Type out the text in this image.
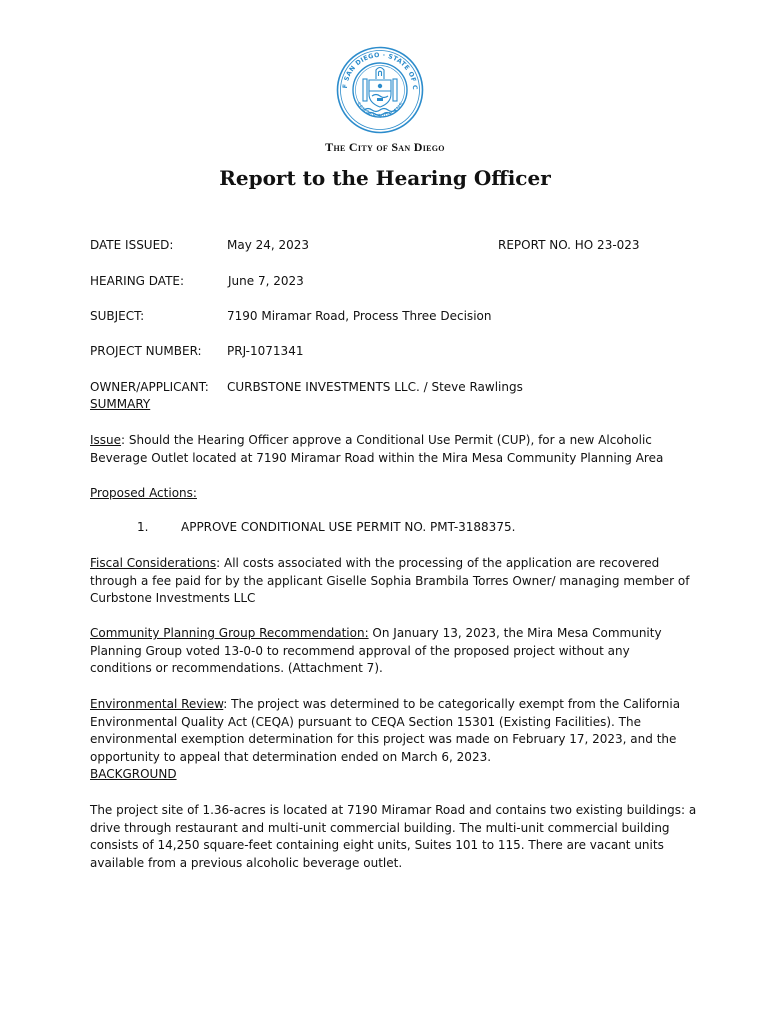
F SAN DIEGO · STATE OF C
SEMPER VIGILANS
The City of San Diego
Report to the Hearing Officer
DATE ISSUED:	May 24, 2023	REPORT NO. HO 23-023
HEARING DATE:	June 7, 2023
SUBJECT:	7190 Miramar Road, Process Three Decision
PROJECT NUMBER: PRJ-1071341
OWNER/APPLICANT: CURBSTONE INVESTMENTS LLC. / Steve Rawlings
SUMMARY
Issue: Should the Hearing Officer approve a Conditional Use Permit (CUP), for a new Alcoholic
Beverage Outlet located at 7190 Miramar Road within the Mira Mesa Community Planning Area
Proposed Actions:
1.	APPROVE CONDITIONAL USE PERMIT NO. PMT-3188375.
Fiscal Considerations: All costs associated with the processing of the application are recovered
through a fee paid for by the applicant Giselle Sophia Brambila Torres Owner/ managing member of
Curbstone Investments LLC
Community Planning Group Recommendation: On January 13, 2023, the Mira Mesa Community
Planning Group voted 13-0-0 to recommend approval of the proposed project without any
conditions or recommendations. (Attachment 7).
Environmental Review: The project was determined to be categorically exempt from the California
Environmental Quality Act (CEQA) pursuant to CEQA Section 15301 (Existing Facilities). The
environmental exemption determination for this project was made on February 17, 2023, and the
opportunity to appeal that determination ended on March 6, 2023.
BACKGROUND
The project site of 1.36-acres is located at 7190 Miramar Road and contains two existing buildings: a
drive through restaurant and multi-unit commercial building. The multi-unit commercial building
consists of 14,250 square-feet containing eight units, Suites 101 to 115. There are vacant units
available from a previous alcoholic beverage outlet.
